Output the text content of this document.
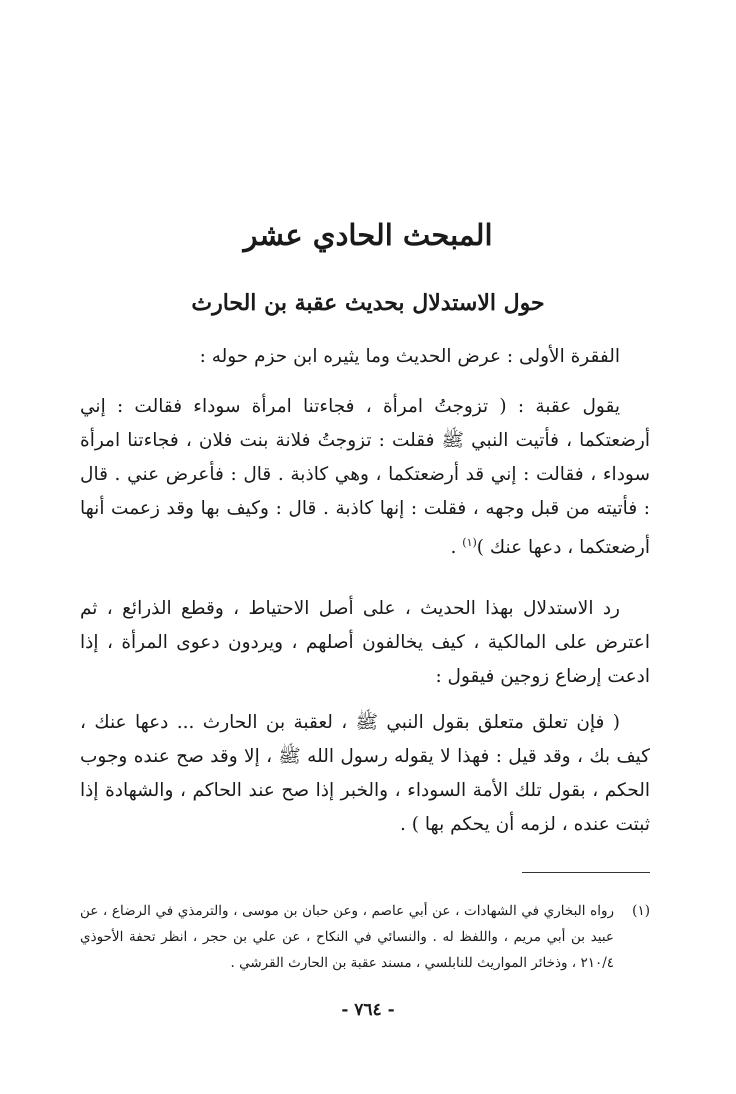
المبحث الحادي عشر
حول الاستدلال بحديث عقبة بن الحارث

الفقرة الأولى : عرض الحديث وما يثيره ابن حزم حوله :

يقول عقبة : ( تزوجتُ امرأة ، فجاءتنا امرأة سوداء فقالت : إني أرضعتكما ، فأتيت النبي ﷺ فقلت : تزوجتُ فلانة بنت فلان ، فجاءتنا امرأة سوداء ، فقالت : إني قد أرضعتكما ، وهي كاذبة . قال : فأعرض عني . قال : فأتيته من قبل وجهه ، فقلت : إنها كاذبة . قال : وكيف بها وقد زعمت أنها أرضعتكما ، دعها عنك )$^{(١)}$ .

رد الاستدلال بهذا الحديث ، على أصل الاحتياط ، وقطع الذرائع ، ثم اعترض على المالكية ، كيف يخالفون أصلهم ، ويردون دعوى المرأة ، إذا ادعت إرضاع زوجين فيقول :

( فإن تعلق متعلق بقول النبي ﷺ ، لعقبة بن الحارث ... دعها عنك ، كيف بك ، وقد قيل : فهذا لا يقوله رسول الله ﷺ ، إلا وقد صح عنده وجوب الحكم ، بقول تلك الأمة السوداء ، والخبر إذا صح عند الحاكم ، والشهادة إذا ثبتت عنده ، لزمه أن يحكم بها ) .

(١)
رواه البخاري في الشهادات ، عن أبي عاصم ، وعن حبان بن موسى ، والترمذي في الرضاع ، عن عبيد بن أبي مريم ، واللفظ له . والنسائي في النكاح ، عن علي بن حجر ، انظر تحفة الأحوذي ٢١٠/٤ ، وذخائر المواريث للنابلسي ، مسند عقبة بن الحارث القرشي .
- ٧٦٤ -
